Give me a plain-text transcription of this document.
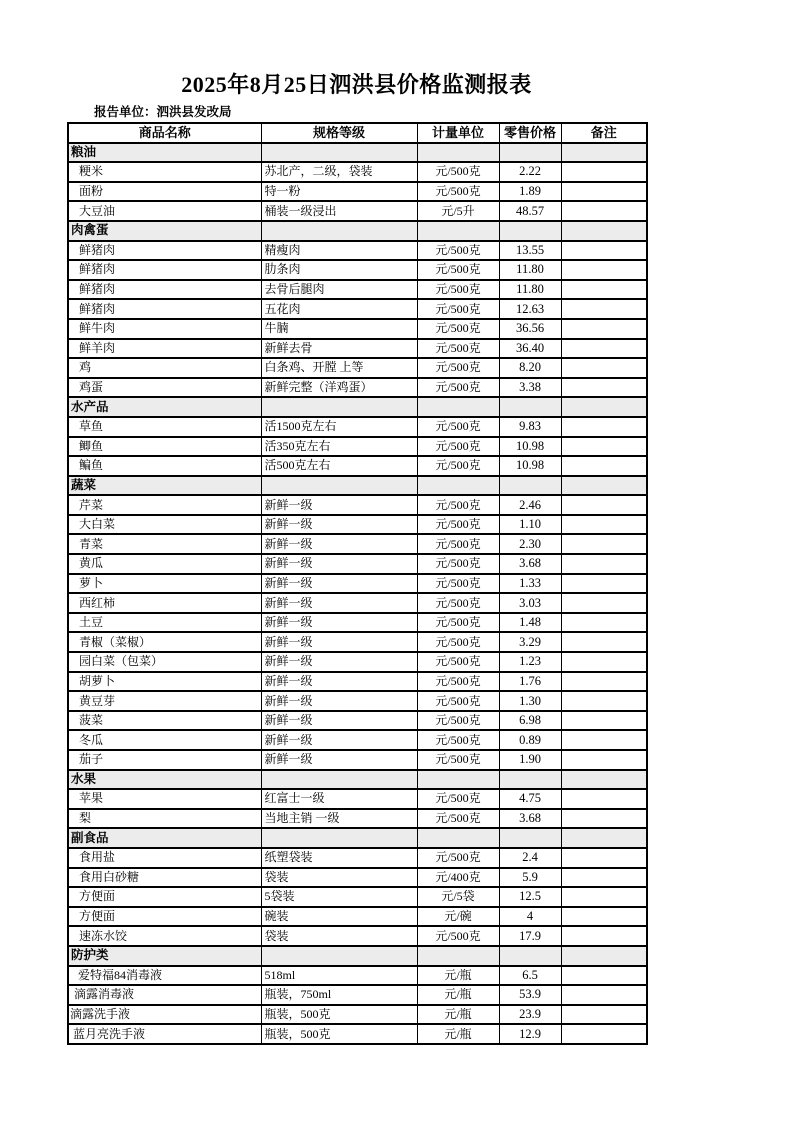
2025年8月25日泗洪县价格监测报表
报告单位：泗洪县发改局
商品名称	规格等级	计量单位	零售价格	备注
粮油				
粳米	苏北产，二级，袋装	元/500克	2.22	
面粉	特一粉	元/500克	1.89	
大豆油	桶装一级浸出	元/5升	48.57	
肉禽蛋				
鲜猪肉	精瘦肉	元/500克	13.55	
鲜猪肉	肋条肉	元/500克	11.80	
鲜猪肉	去骨后腿肉	元/500克	11.80	
鲜猪肉	五花肉	元/500克	12.63	
鲜牛肉	牛腩	元/500克	36.56	
鲜羊肉	新鲜去骨	元/500克	36.40	
鸡	白条鸡、开膛 上等	元/500克	8.20	
鸡蛋	新鲜完整（洋鸡蛋）	元/500克	3.38	
水产品				
草鱼	活1500克左右	元/500克	9.83	
鲫鱼	活350克左右	元/500克	10.98	
鳊鱼	活500克左右	元/500克	10.98	
蔬菜				
芹菜	新鲜一级	元/500克	2.46	
大白菜	新鲜一级	元/500克	1.10	
青菜	新鲜一级	元/500克	2.30	
黄瓜	新鲜一级	元/500克	3.68	
萝卜	新鲜一级	元/500克	1.33	
西红柿	新鲜一级	元/500克	3.03	
土豆	新鲜一级	元/500克	1.48	
青椒（菜椒）	新鲜一级	元/500克	3.29	
园白菜（包菜）	新鲜一级	元/500克	1.23	
胡萝卜	新鲜一级	元/500克	1.76	
黄豆芽	新鲜一级	元/500克	1.30	
菠菜	新鲜一级	元/500克	6.98	
冬瓜	新鲜一级	元/500克	0.89	
茄子	新鲜一级	元/500克	1.90	
水果				
苹果	红富士一级	元/500克	4.75	
梨	当地主销 一级	元/500克	3.68	
副食品				
食用盐	纸塑袋装	元/500克	2.4	
食用白砂糖	袋装	元/400克	5.9	
方便面	5袋装	元/5袋	12.5	
方便面	碗装	元/碗	4	
速冻水饺	袋装	元/500克	17.9	
防护类				
爱特福84消毒液	518ml	元/瓶	6.5	
滴露消毒液	瓶装，750ml	元/瓶	53.9	
滴露洗手液	瓶装，500克	元/瓶	23.9	
蓝月亮洗手液	瓶装，500克	元/瓶	12.9	
